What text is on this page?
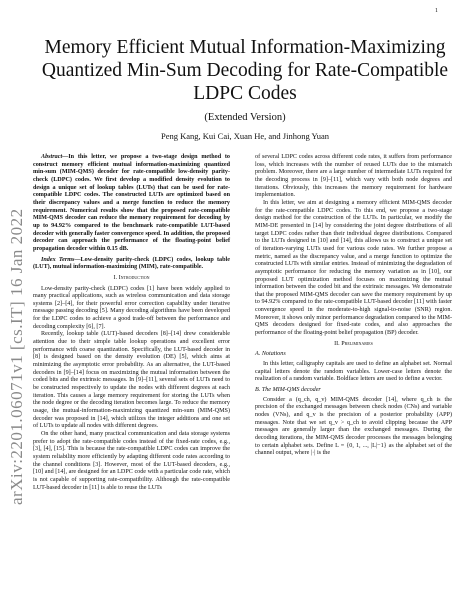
1
arXiv:2201.06071v1 [cs.IT] 16 Jan 2022
Memory Efficient Mutual Information-Maximizing Quantized Min-Sum Decoding for Rate-Compatible LDPC Codes
(Extended Version)
Peng Kang, Kui Cai, Xuan He, and Jinhong Yuan

Abstract—In this letter, we propose a two-stage design method to construct memory efficient mutual information-maximizing quantized min-sum (MIM-QMS) decoder for rate-compatible low-density parity-check (LDPC) codes. We first develop a modified density evolution to design a unique set of lookup tables (LUTs) that can be used for rate-compatible LDPC codes. The constructed LUTs are optimized based on their discrepancy values and a merge function to reduce the memory requirement. Numerical results show that the proposed rate-compatible MIM-QMS decoder can reduce the memory requirement for decoding by up to 94.92% compared to the benchmark rate-compatible LUT-based decoder with generally faster convergence speed. In addition, the proposed decoder can approach the performance of the floating-point belief propagation decoder within 0.15 dB.

Index Terms—Low-density parity-check (LDPC) codes, lookup table (LUT), mutual information-maximizing (MIM), rate-compatible.

I. Introduction

Low-density parity-check (LDPC) codes [1] have been widely applied to many practical applications, such as wireless communication and data storage systems [2]–[4], for their powerful error correction capability under iterative message passing decoding [5]. Many decoding algorithms have been developed for the LDPC codes to achieve a good trade-off between the performance and decoding complexity [6], [7].

Recently, lookup table (LUT)-based decoders [8]–[14] drew considerable attention due to their simple table lookup operations and excellent error performance with coarse quantization. Specifically, the LUT-based decoder in [8] is designed based on the density evolution (DE) [5], which aims at minimizing the asymptotic error probability. As an alternative, the LUT-based decoders in [9]–[14] focus on maximizing the mutual information between the coded bits and the extrinsic messages. In [9]–[11], several sets of LUTs need to be constructed respectively to update the nodes with different degrees at each iteration. This causes a large memory requirement for storing the LUTs when the node degree or the decoding iteration becomes large. To reduce the memory usage, the mutual-information-maximizing quantized min-sum (MIM-QMS) decoder was proposed in [14], which utilizes the integer additions and one set of LUTs to update all nodes with different degrees.

On the other hand, many practical communication and data storage systems prefer to adopt the rate-compatible codes instead of the fixed-rate codes, e.g., [3], [4], [15]. This is because the rate-compatible LDPC codes can improve the system reliability more efficiently by adapting different code rates according to the channel conditions [3]. However, most of the LUT-based decoders, e.g., [10] and [14], are designed for an LDPC code with a particular code rate, which is not capable of supporting rate-compatibility. Although the rate-compatible LUT-based decoder in [11] is able to reuse the LUTs

of several LDPC codes across different code rates, it suffers from performance loss, which increases with the number of reused LUTs due to the mismatch problem. Moreover, there are a large number of intermediate LUTs required for the decoding process in [9]–[11], which vary with both node degrees and iterations. Obviously, this increases the memory requirement for hardware implementation.

In this letter, we aim at designing a memory efficient MIM-QMS decoder for the rate-compatible LDPC codes. To this end, we propose a two-stage design method for the construction of the LUTs. In particular, we modify the MIM-DE presented in [14] by considering the joint degree distributions of all target LDPC codes rather than their individual degree distributions. Compared to the LUTs designed in [10] and [14], this allows us to construct a unique set of iteration-varying LUTs used for various code rates. We further propose a metric, named as the discrepancy value, and a merge function to optimize the constructed LUTs with similar entries. Instead of minimizing the degradation of asymptotic performance for reducing the memory variation as in [10], our proposed LUT optimization method focuses on maximizing the mutual information between the coded bit and the extrinsic messages. We demonstrate that the proposed MIM-QMS decoder can save the memory requirement by up to 94.92% compared to the rate-compatible LUT-based decoder [11] with faster convergence speed in the moderate-to-high signal-to-noise (SNR) region. Moreover, it shows only minor performance degradation compared to the MIM-QMS decoders designed for fixed-rate codes, and also approaches the performance of the floating-point belief propagation (BP) decoder.

II. Preliminaries
A. Notations

In this letter, calligraphy capitals are used to define an alphabet set. Normal capital letters denote the random variables. Lower-case letters denote the realization of a random variable. Boldface letters are used to define a vector.

B. The MIM-QMS decoder

Consider a (q_ch, q_v) MIM-QMS decoder [14], where q_ch is the precision of the exchanged messages between check nodes (CNs) and variable nodes (VNs), and q_v is the precision of a posterior probability (APP) messages. Note that we set q_v > q_ch to avoid clipping because the APP messages are generally larger than the exchanged messages. During the decoding iterations, the MIM-QMS decoder processes the messages belonging to certain alphabet sets. Define L = {0, 1, ..., |L|−1} as the alphabet set of the channel output, where |·| is the
